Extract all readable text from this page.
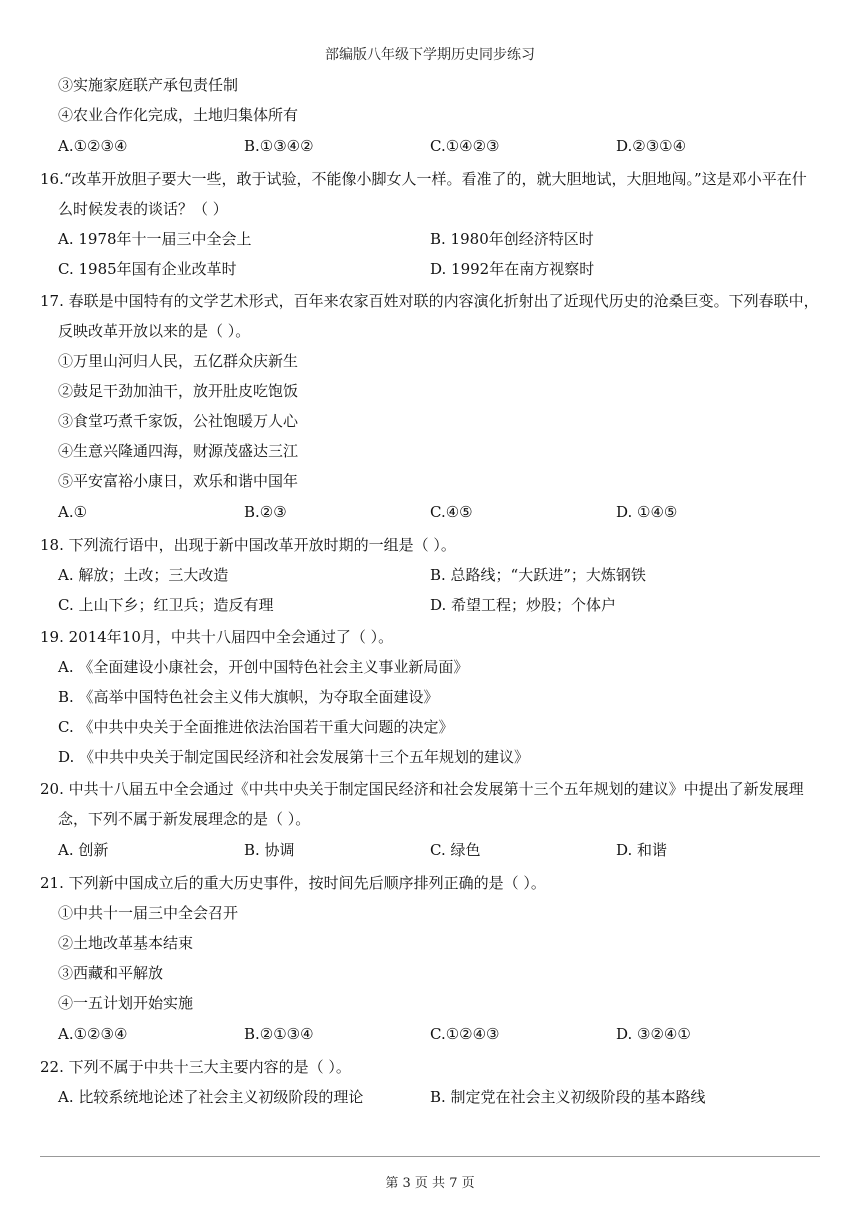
部编版八年级下学期历史同步练习
③实施家庭联产承包责任制
④农业合作化完成，土地归集体所有
A.①②③④	B.①③④②	C.①④②③	D.②③①④
16.“改革开放胆子要大一些，敢于试验，不能像小脚女人一样。看准了的，就大胆地试，大胆地闯。”这是邓小平在什么时候发表的谈话？（ ）
A. 1978年十一届三中全会上	B. 1980年创经济特区时
C. 1985年国有企业改革时	D. 1992年在南方视察时
17. 春联是中国特有的文学艺术形式，百年来农家百姓对联的内容演化折射出了近现代历史的沧桑巨变。下列春联中，反映改革开放以来的是（ ）。
①万里山河归人民，五亿群众庆新生
②鼓足干劲加油干，放开肚皮吃饱饭
③食堂巧煮千家饭，公社饱暖万人心
④生意兴隆通四海，财源茂盛达三江
⑤平安富裕小康日，欢乐和谐中国年
A.①	B.②③	C.④⑤	D. ①④⑤
18. 下列流行语中，出现于新中国改革开放时期的一组是（ ）。
A. 解放；土改；三大改造	B. 总路线；“大跃进”；大炼钢铁
C. 上山下乡；红卫兵；造反有理	D. 希望工程；炒股；个体户
19. 2014年10月，中共十八届四中全会通过了（ ）。
A. 《全面建设小康社会，开创中国特色社会主义事业新局面》
B. 《高举中国特色社会主义伟大旗帜，为夺取全面建设》
C. 《中共中央关于全面推进依法治国若干重大问题的决定》
D. 《中共中央关于制定国民经济和社会发展第十三个五年规划的建议》
20. 中共十八届五中全会通过《中共中央关于制定国民经济和社会发展第十三个五年规划的建议》中提出了新发展理念，下列不属于新发展理念的是（ ）。
A. 创新	B. 协调	C. 绿色	D. 和谐
21. 下列新中国成立后的重大历史事件，按时间先后顺序排列正确的是（ ）。
①中共十一届三中全会召开
②土地改革基本结束
③西藏和平解放
④一五计划开始实施
A.①②③④	B.②①③④	C.①②④③	D. ③②④①
22. 下列不属于中共十三大主要内容的是（ ）。
A. 比较系统地论述了社会主义初级阶段的理论	B. 制定党在社会主义初级阶段的基本路线
第 3 页 共 7 页
